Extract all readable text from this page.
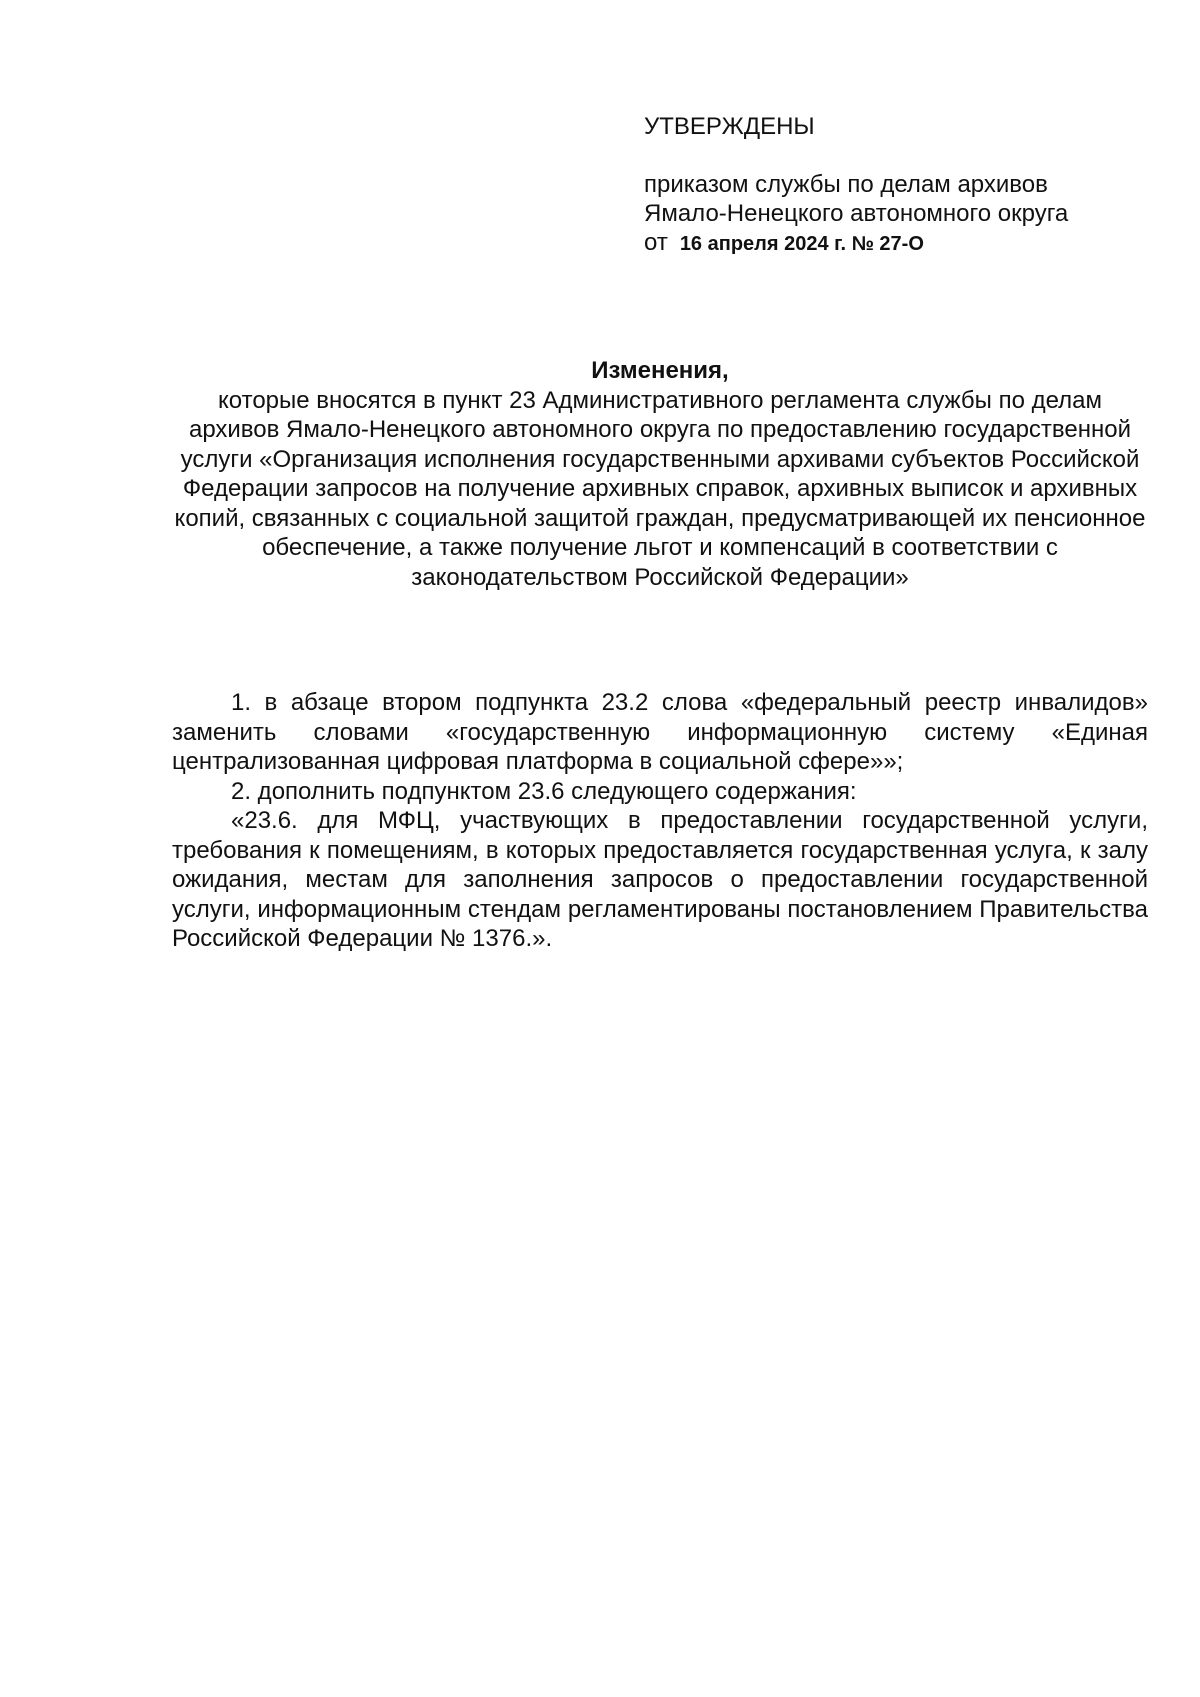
УТВЕРЖДЕНЫ
приказом службы по делам архивов
Ямало-Ненецкого автономного округа
от 16 апреля 2024 г. № 27-О
Изменения,
которые вносятся в пункт 23 Административного регламента службы по делам архивов Ямало-Ненецкого автономного округа по предоставлению государственной услуги «Организация исполнения государственными архивами субъектов Российской Федерации запросов на получение архивных справок, архивных выписок и архивных копий, связанных с социальной защитой граждан, предусматривающей их пенсионное обеспечение, а также получение льгот и компенсаций в соответствии с законодательством Российской Федерации»

1. в абзаце втором подпункта 23.2 слова «федеральный реестр инвалидов» заменить словами «государственную информационную систему «Единая централизованная цифровая платформа в социальной сфере»»;

2. дополнить подпунктом 23.6 следующего содержания:

«23.6. для МФЦ, участвующих в предоставлении государственной услуги, требования к помещениям, в которых предоставляется государственная услуга, к залу ожидания, местам для заполнения запросов о предоставлении государственной услуги, информационным стендам регламентированы постановлением Правительства Российской Федерации № 1376.».
